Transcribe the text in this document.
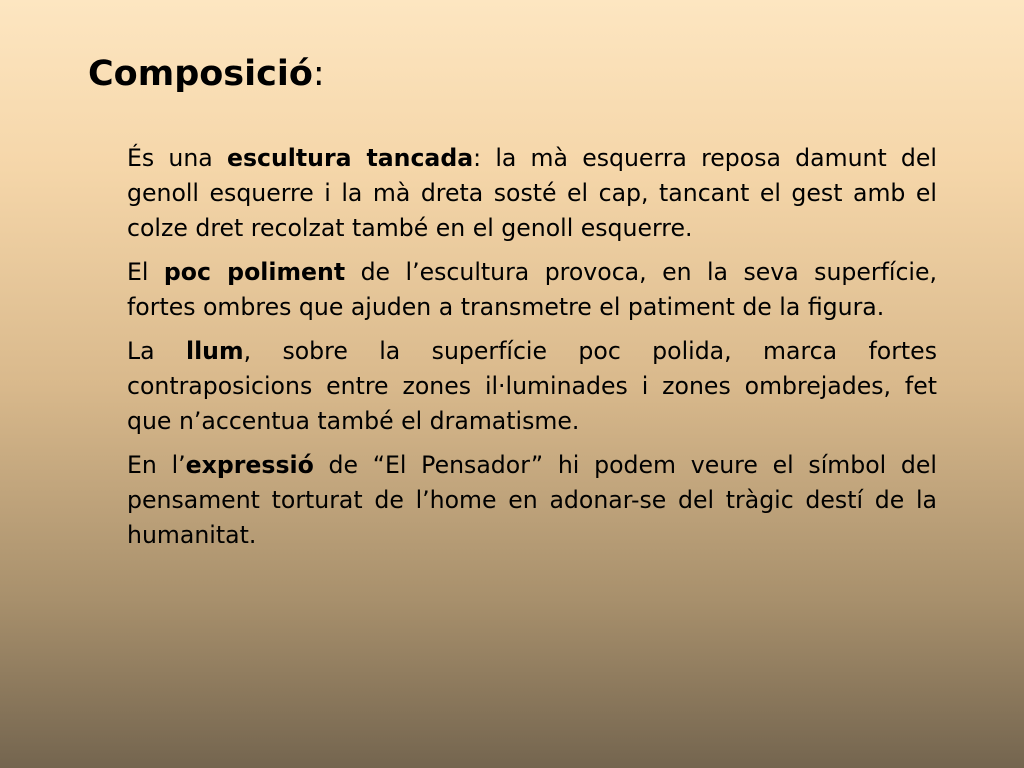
Composició:

És una escultura tancada: la mà esquerra reposa damunt del genoll esquerre i la mà dreta sosté el cap, tancant el gest amb el colze dret recolzat també en el genoll esquerre.

El poc poliment de l’escultura provoca, en la seva superfície, fortes ombres que ajuden a transmetre el patiment de la figura.

La llum, sobre la superfície poc polida, marca fortes contraposicions entre zones il·luminades i zones ombrejades, fet que n’accentua també el dramatisme.

En l’expressió de “El Pensador” hi podem veure el símbol del pensament torturat de l’home en adonar-se del tràgic destí de la humanitat.
